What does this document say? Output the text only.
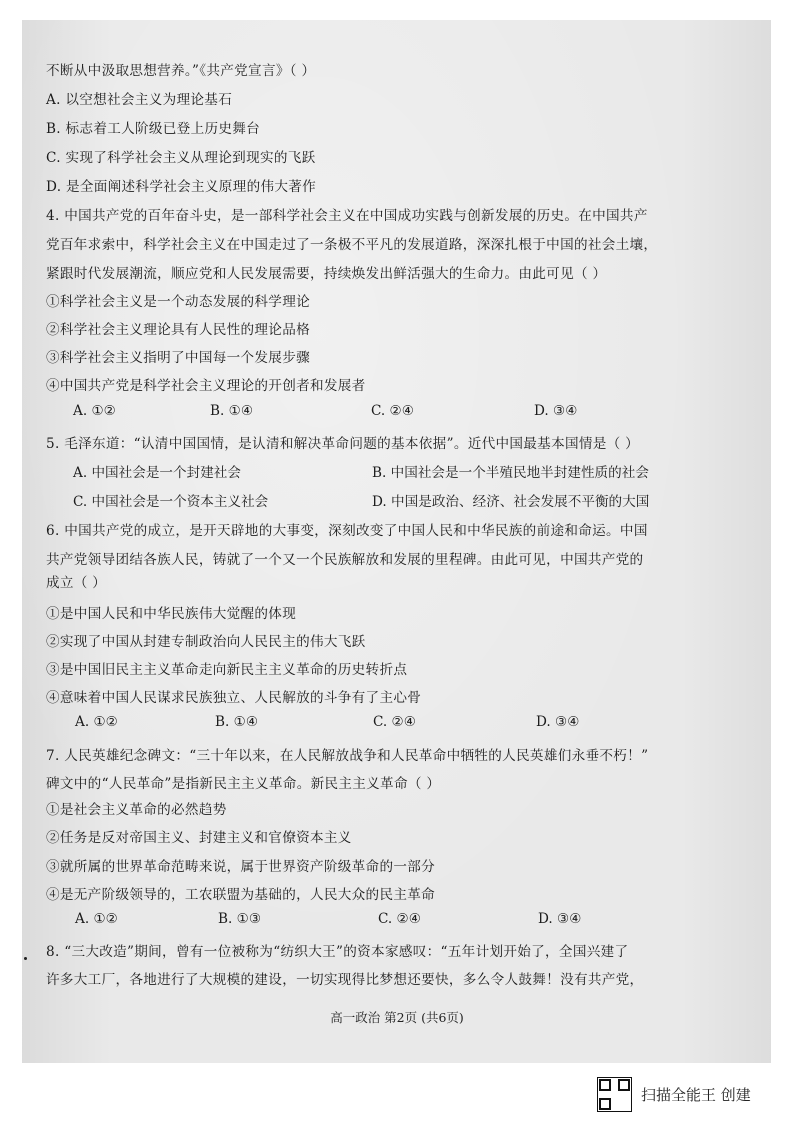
不断从中汲取思想营养。”《共产党宣言》（ ）
A. 以空想社会主义为理论基石
B. 标志着工人阶级已登上历史舞台
C. 实现了科学社会主义从理论到现实的飞跃
D. 是全面阐述科学社会主义原理的伟大著作
4. 中国共产党的百年奋斗史，是一部科学社会主义在中国成功实践与创新发展的历史。在中国共产
党百年求索中，科学社会主义在中国走过了一条极不平凡的发展道路，深深扎根于中国的社会土壤，
紧跟时代发展潮流，顺应党和人民发展需要，持续焕发出鲜活强大的生命力。由此可见（ ）
①科学社会主义是一个动态发展的科学理论
②科学社会主义理论具有人民性的理论品格
③科学社会主义指明了中国每一个发展步骤
④中国共产党是科学社会主义理论的开创者和发展者
5. 毛泽东道：“认清中国国情，是认清和解决革命问题的基本依据”。近代中国最基本国情是（ ）
6. 中国共产党的成立，是开天辟地的大事变，深刻改变了中国人民和中华民族的前途和命运。中国
共产党领导团结各族人民，铸就了一个又一个民族解放和发展的里程碑。由此可见，中国共产党的
成立（ ）
①是中国人民和中华民族伟大觉醒的体现
②实现了中国从封建专制政治向人民民主的伟大飞跃
③是中国旧民主主义革命走向新民主主义革命的历史转折点
④意味着中国人民谋求民族独立、人民解放的斗争有了主心骨
7. 人民英雄纪念碑文：“三十年以来，在人民解放战争和人民革命中牺牲的人民英雄们永垂不朽！”
碑文中的“人民革命”是指新民主主义革命。新民主主义革命（ ）
①是社会主义革命的必然趋势
②任务是反对帝国主义、封建主义和官僚资本主义
③就所属的世界革命范畴来说，属于世界资产阶级革命的一部分
④是无产阶级领导的，工农联盟为基础的，人民大众的民主革命
8. “三大改造”期间，曾有一位被称为“纺织大王”的资本家感叹：“五年计划开始了，全国兴建了
许多大工厂，各地进行了大规模的建设，一切实现得比梦想还要快，多么令人鼓舞！没有共产党，
A. ①②	B. ①④	C. ②④	D. ③④
A. 中国社会是一个封建社会	B. 中国社会是一个半殖民地半封建性质的社会
C. 中国社会是一个资本主义社会	D. 中国是政治、经济、社会发展不平衡的大国
A. ①②	B. ①④	C. ②④	D. ③④
A. ①②	B. ①③	C. ②④	D. ③④
高一政治 第2页 (共6页)
扫描全能王 创建
